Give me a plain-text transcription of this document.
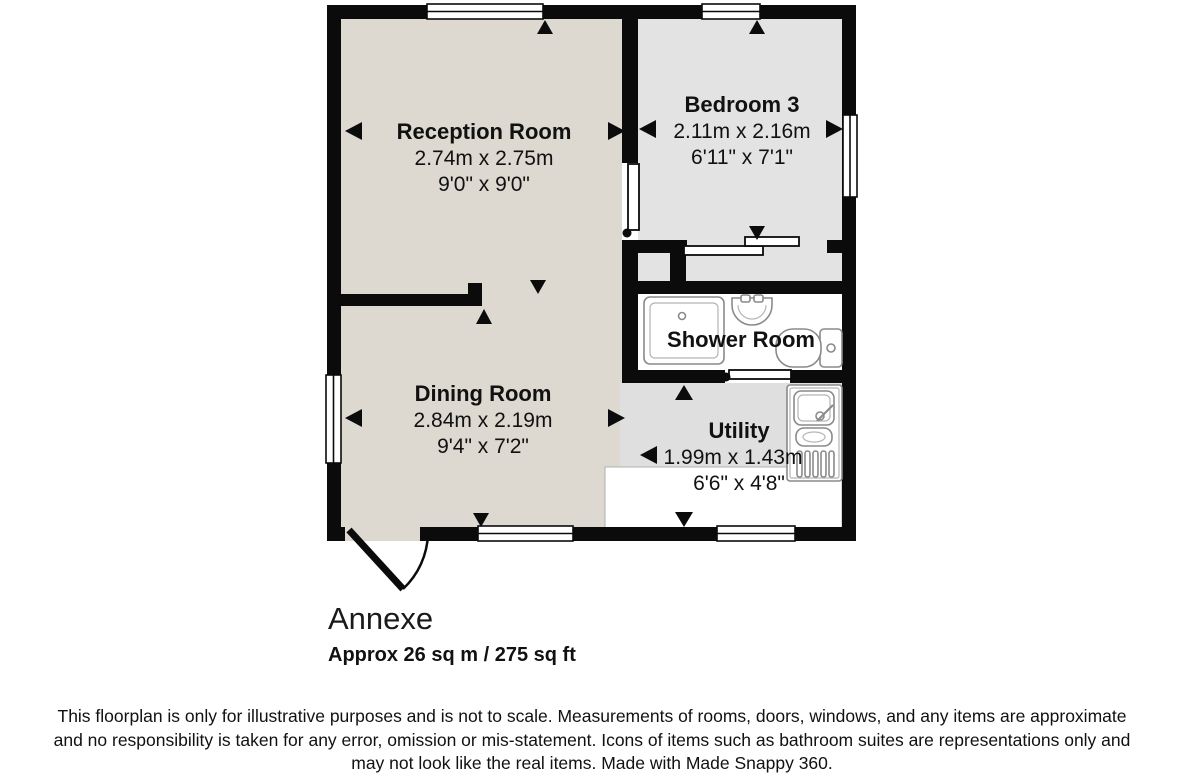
Reception Room
2.74m x 2.75m
9'0" x 9'0"
Bedroom 3
2.11m x 2.16m
6'11" x 7'1"
Dining Room
2.84m x 2.19m
9'4" x 7'2"
Shower Room
Utility
1.99m x 1.43m
6'6" x 4'8"
Annexe
Approx 26 sq m / 275 sq ft
This floorplan is only for illustrative purposes and is not to scale. Measurements of rooms, doors, windows, and any items are approximate
and no responsibility is taken for any error, omission or mis-statement. Icons of items such as bathroom suites are representations only and
may not look like the real items. Made with Made Snappy 360.
